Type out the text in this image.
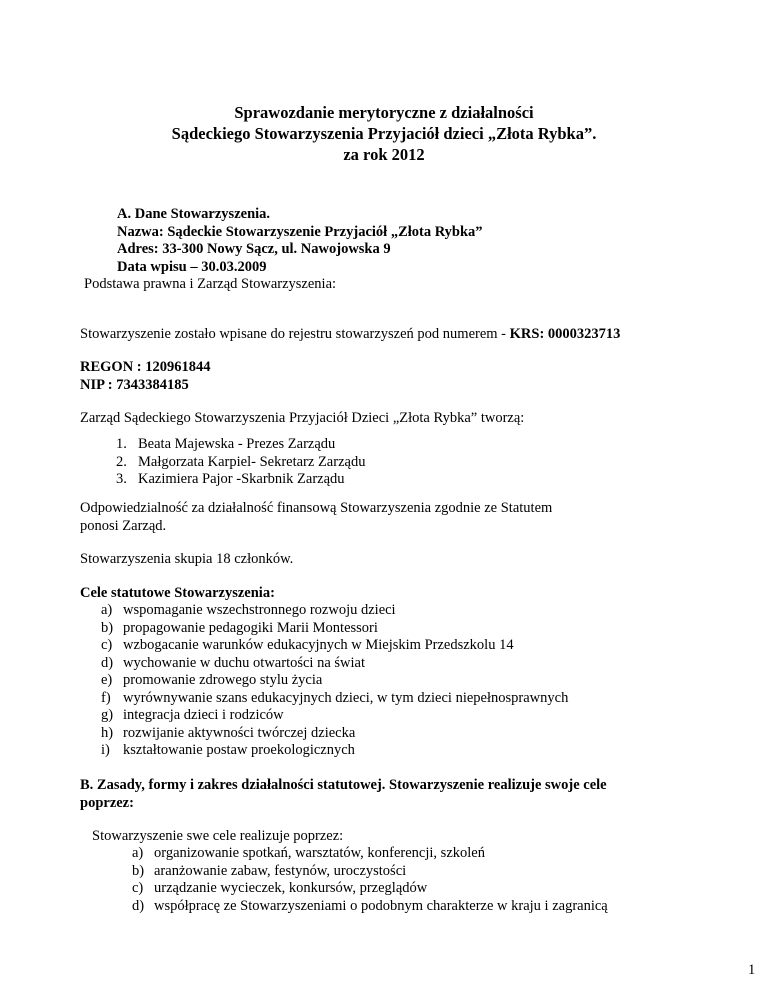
Sprawozdanie merytoryczne z działalności
Sądeckiego Stowarzyszenia Przyjaciół dzieci „Złota Rybka”.
za rok 2012
A. Dane Stowarzyszenia.
Nazwa: Sądeckie Stowarzyszenie Przyjaciół „Złota Rybka”
Adres: 33-300 Nowy Sącz, ul. Nawojowska 9
Data wpisu – 30.03.2009
Podstawa prawna i Zarząd Stowarzyszenia:
Stowarzyszenie zostało wpisane do rejestru stowarzyszeń pod numerem - KRS: 0000323713
REGON : 120961844
NIP : 7343384185
Zarząd Sądeckiego Stowarzyszenia Przyjaciół Dzieci „Złota Rybka” tworzą:
1. Beata Majewska - Prezes Zarządu
2. Małgorzata Karpiel- Sekretarz Zarządu
3. Kazimiera Pajor -Skarbnik Zarządu
Odpowiedzialność za działalność finansową Stowarzyszenia zgodnie ze Statutem
ponosi Zarząd.
Stowarzyszenia skupia 18 członków.
Cele statutowe Stowarzyszenia:
a) wspomaganie wszechstronnego rozwoju dzieci
b) propagowanie pedagogiki Marii Montessori
c) wzbogacanie warunków edukacyjnych w Miejskim Przedszkolu 14
d) wychowanie w duchu otwartości na świat
e) promowanie zdrowego stylu życia
f) wyrównywanie szans edukacyjnych dzieci, w tym dzieci niepełnosprawnych
g) integracja dzieci i rodziców
h) rozwijanie aktywności twórczej dziecka
i) kształtowanie postaw proekologicznych
B. Zasady, formy i zakres działalności statutowej. Stowarzyszenie realizuje swoje cele
poprzez:
Stowarzyszenie swe cele realizuje poprzez:
a) organizowanie spotkań, warsztatów, konferencji, szkoleń
b) aranżowanie zabaw, festynów, uroczystości
c) urządzanie wycieczek, konkursów, przeglądów
d) współpracę ze Stowarzyszeniami o podobnym charakterze w kraju i zagranicą
1
